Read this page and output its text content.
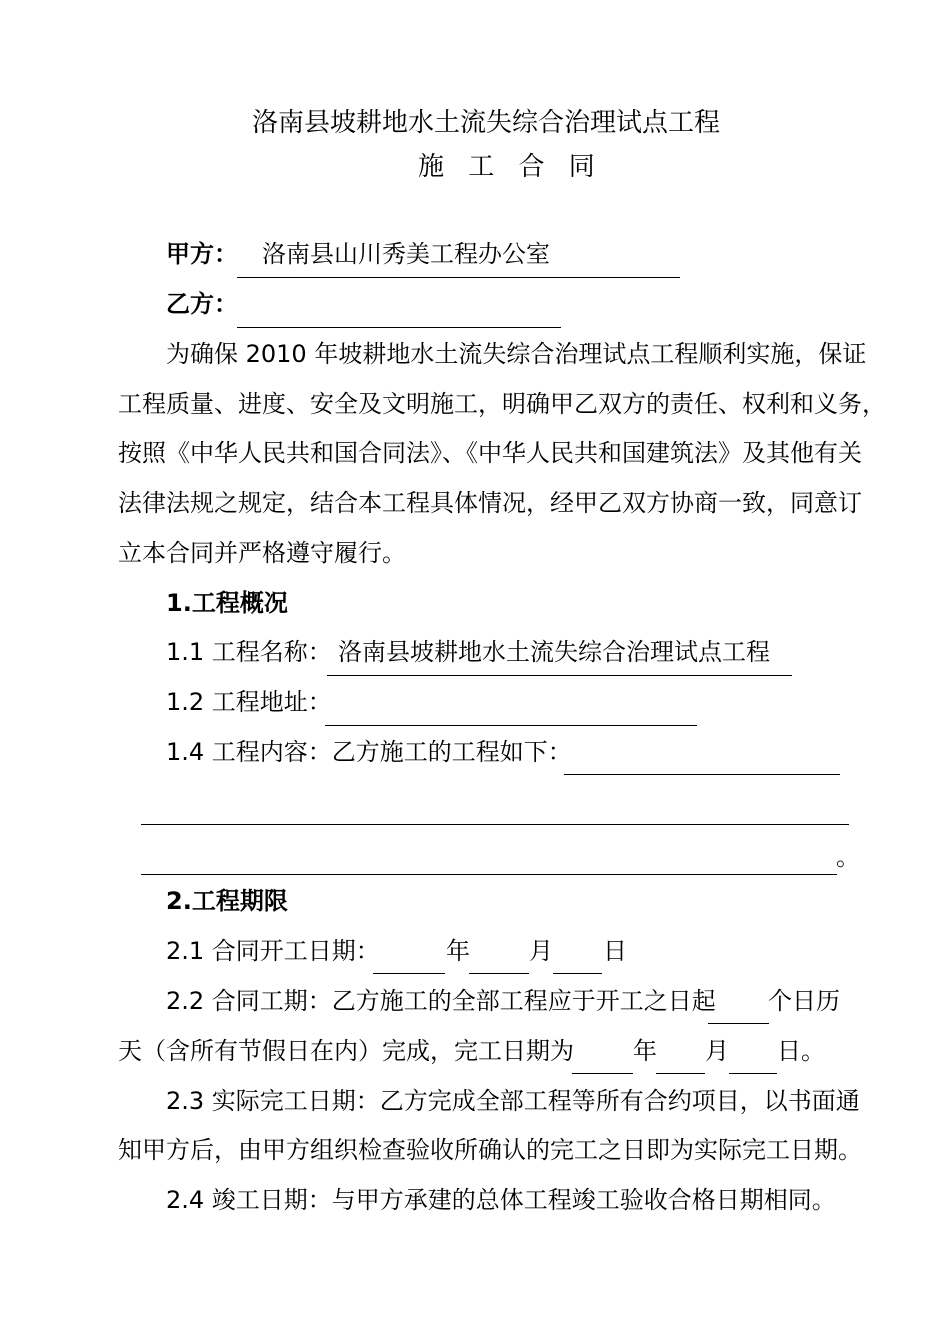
洛南县坡耕地水土流失综合治理试点工程
施 工 合 同
甲方： 洛南县山川秀美工程办公室
乙方：
为确保 2010 年坡耕地水土流失综合治理试点工程顺利实施，保证
工程质量、进度、安全及文明施工，明确甲乙双方的责任、权利和义务，
按照《中华人民共和国合同法》、《中华人民共和国建筑法》及其他有关
法律法规之规定，结合本工程具体情况，经甲乙双方协商一致，同意订
立本合同并严格遵守履行。
1.工程概况
1.1 工程名称： 洛南县坡耕地水土流失综合治理试点工程
1.2 工程地址：
1.4 工程内容：乙方施工的工程如下：
。
2.工程期限
2.1 合同开工日期：	年 月 日
2.2 合同工期：乙方施工的全部工程应于开工之日起 个日历
天（含所有节假日在内）完成，完工日期为 年 月 日。
2.3 实际完工日期：乙方完成全部工程等所有合约项目，以书面通
知甲方后，由甲方组织检查验收所确认的完工之日即为实际完工日期。
2.4 竣工日期：与甲方承建的总体工程竣工验收合格日期相同。
